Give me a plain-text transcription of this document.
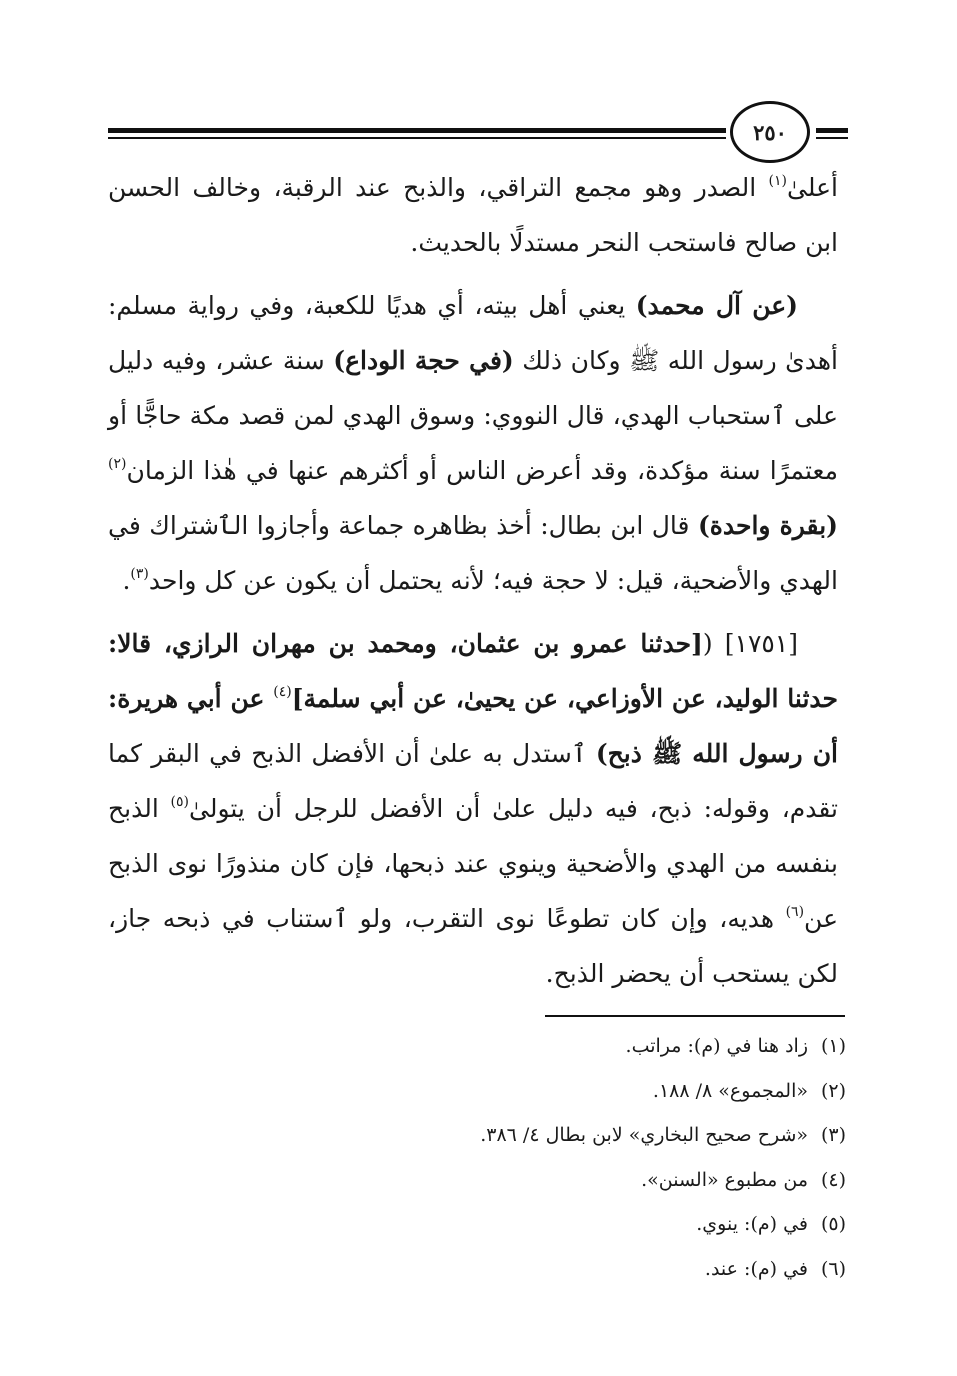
٢٥٠

أعلىٰ$^{(١)}$ الصدر وهو مجمع التراقي، والذبح عند الرقبة، وخالف الحسن ابن صالح فاستحب النحر مستدلًا بالحديث.

(عن آل محمد) يعني أهل بيته، أي هديًا للكعبة، وفي رواية مسلم: أهدىٰ رسول الله ﷺ وكان ذلك (في حجة الوداع) سنة عشر، وفيه دليل على ٱستحباب الهدي، قال النووي: وسوق الهدي لمن قصد مكة حاجًّا أو معتمرًا سنة مؤكدة، وقد أعرض الناس أو أكثرهم عنها في هٰذا الزمان$^{(٢)}$ (بقرة واحدة) قال ابن بطال: أخذ بظاهره جماعة وأجازوا الٱشتراك في الهدي والأضحية، قيل: لا حجة فيه؛ لأنه يحتمل أن يكون عن كل واحد$^{(٣)}$.

[١٧٥١] ([حدثنا عمرو بن عثمان، ومحمد بن مهران الرازي، قالا: حدثنا الوليد، عن الأوزاعي، عن يحيىٰ، عن أبي سلمة]$^{(٤)}$ عن أبي هريرة: أن رسول الله ﷺ ذبح) ٱستدل به علىٰ أن الأفضل الذبح في البقر كما تقدم، وقوله: ذبح، فيه دليل علىٰ أن الأفضل للرجل أن يتولىٰ$^{(٥)}$ الذبح بنفسه من الهدي والأضحية وينوي عند ذبحها، فإن كان منذورًا نوى الذبح عن$^{(٦)}$ هديه، وإن كان تطوعًا نوى التقرب، ولو ٱستناب في ذبحه جاز، لكن يستحب أن يحضر الذبح.

(١)
زاد هنا في (م): مراتب.
(٢)
«المجموع» ٨/ ١٨٨.
(٣)
«شرح صحيح البخاري» لابن بطال ٤/ ٣٨٦.
(٤)
من مطبوع «السنن».
(٥)
في (م): ينوي.
(٦)
في (م): عند.
